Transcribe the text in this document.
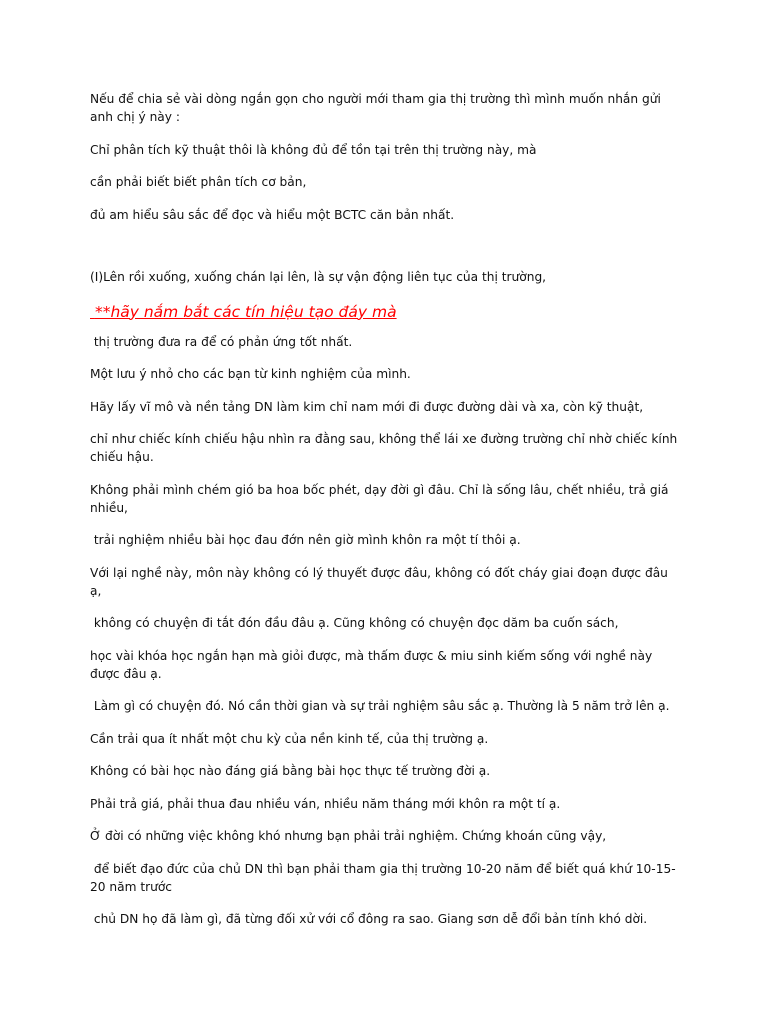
Nếu để chia sẻ vài dòng ngắn gọn cho người mới tham gia thị trường thì mình muốn nhắn gửi anh chị ý này :

Chỉ phân tích kỹ thuật thôi là không đủ để tồn tại trên thị trường này, mà

cần phải biết biết phân tích cơ bản,

đủ am hiểu sâu sắc để đọc và hiểu một BCTC căn bản nhất.

(I)Lên rồi xuống, xuống chán lại lên, là sự vận động liên tục của thị trường,

**hãy nắm bắt các tín hiệu tạo đáy mà

thị trường đưa ra để có phản ứng tốt nhất.

Một lưu ý nhỏ cho các bạn từ kinh nghiệm của mình.

Hãy lấy vĩ mô và nền tảng DN làm kim chỉ nam mới đi được đường dài và xa, còn kỹ thuật,

chỉ như chiếc kính chiếu hậu nhìn ra đằng sau, không thể lái xe đường trường chỉ nhờ chiếc kính chiếu hậu.

Không phải mình chém gió ba hoa bốc phét, dạy đời gì đâu. Chỉ là sống lâu, chết nhiều, trả giá nhiều,

trải nghiệm nhiều bài học đau đớn nên giờ mình khôn ra một tí thôi ạ.

Với lại nghề này, môn này không có lý thuyết được đâu, không có đốt cháy giai đoạn được đâu ạ,

không có chuyện đi tắt đón đầu đâu ạ. Cũng không có chuyện đọc dăm ba cuốn sách,

học vài khóa học ngắn hạn mà giỏi được, mà thấm được & miu sinh kiếm sống với nghề này được đâu ạ.

Làm gì có chuyện đó. Nó cần thời gian và sự trải nghiệm sâu sắc ạ. Thường là 5 năm trở lên ạ.

Cần trải qua ít nhất một chu kỳ của nền kinh tế, của thị trường ạ.

Không có bài học nào đáng giá bằng bài học thực tế trường đời ạ.

Phải trả giá, phải thua đau nhiều ván, nhiều năm tháng mới khôn ra một tí ạ.

Ở đời có những việc không khó nhưng bạn phải trải nghiệm. Chứng khoán cũng vậy,

để biết đạo đức của chủ DN thì bạn phải tham gia thị trường 10-20 năm để biết quá khứ 10-15-20 năm trước

chủ DN họ đã làm gì, đã từng đối xử với cổ đông ra sao. Giang sơn dễ đổi bản tính khó dời.
